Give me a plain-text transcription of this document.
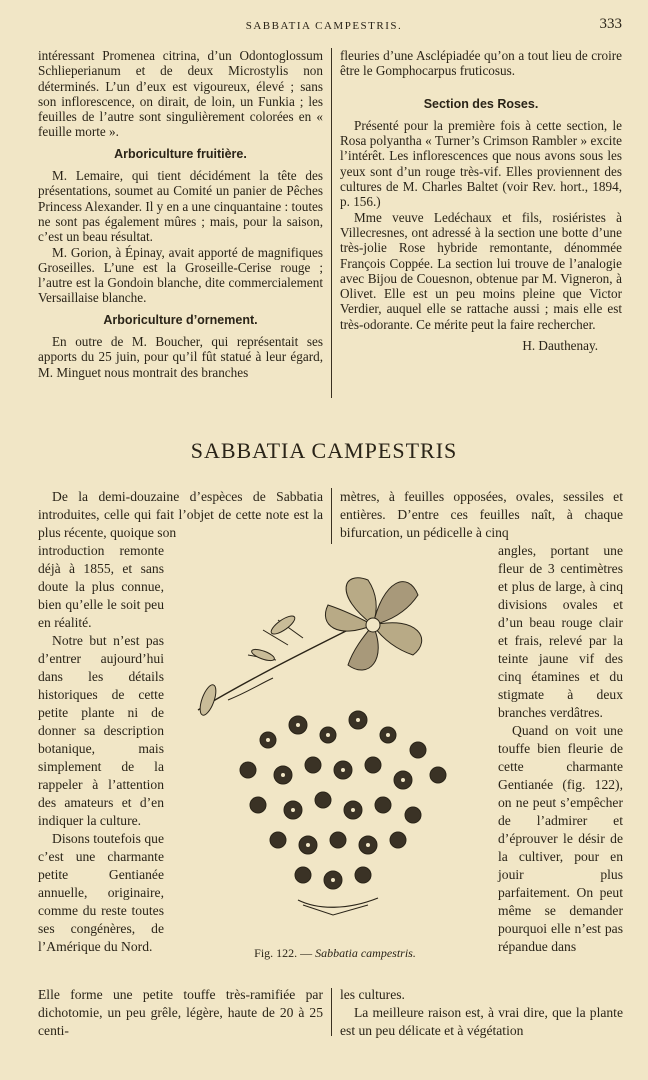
SABBATIA CAMPESTRIS.	333

intéressant Promenea citrina, d’un Odontoglossum Schlieperianum et de deux Microstylis non déterminés. L’un d’eux est vigoureux, élevé ; sans son inflorescence, on dirait, de loin, un Funkia ; les feuilles de l’autre sont singulièrement colorées en « feuille morte ».

Arboriculture fruitière.

M. Lemaire, qui tient décidément la tête des présentations, soumet au Comité un panier de Pêches Princess Alexander. Il y en a une cinquantaine : toutes ne sont pas également mûres ; mais, pour la saison, c’est un beau résultat.

M. Gorion, à Épinay, avait apporté de magnifiques Groseilles. L’une est la Groseille-Cerise rouge ; l’autre est la Gondoin blanche, dite commercialement Versaillaise blanche.

Arboriculture d’ornement.

En outre de M. Boucher, qui représentait ses apports du 25 juin, pour qu’il fût statué à leur égard, M. Minguet nous montrait des branches

fleuries d’une Asclépiadée qu’on a tout lieu de croire être le Gomphocarpus fruticosus.

Section des Roses.

Présenté pour la première fois à cette section, le Rosa polyantha « Turner’s Crimson Rambler » excite l’intérêt. Les inflorescences que nous avons sous les yeux sont d’un rouge très-vif. Elles proviennent des cultures de M. Charles Baltet (voir Rev. hort., 1894, p. 156.)

Mme veuve Ledéchaux et fils, rosiéristes à Villecresnes, ont adressé à la section une botte d’une très-jolie Rose hybride remontante, dénommée François Coppée. La section lui trouve de l’analogie avec Bijou de Couesnon, obtenue par M. Vigneron, à Olivet. Elle est un peu moins pleine que Victor Verdier, auquel elle se rattache aussi ; mais elle est très-odorante. Ce mérite peut la faire rechercher.

H. Dauthenay.

SABBATIA CAMPESTRIS

De la demi-douzaine d’espèces de Sabbatia introduites, celle qui fait l’objet de cette note est la plus récente, quoique son

introduction remonte déjà à 1855, et sans doute la plus connue, bien qu’elle le soit peu en réalité.

Notre but n’est pas d’entrer aujourd’hui dans les détails historiques de cette petite plante ni de donner sa description botanique, mais simplement de la rappeler à l’attention des amateurs et d’en indiquer la culture.

Disons toutefois que c’est une charmante petite Gentianée annuelle, originaire, comme du reste toutes ses congénères, de l’Amérique du Nord.

Elle forme une petite touffe très-ramifiée par dichotomie, un peu grêle, légère, haute de 20 à 25 centi-

mètres, à feuilles opposées, ovales, sessiles et entières. D’entre ces feuilles naît, à chaque bifurcation, un pédicelle à cinq

angles, portant une fleur de 3 centimètres et plus de large, à cinq divisions ovales et d’un beau rouge clair et frais, relevé par la teinte jaune vif des cinq étamines et du stigmate à deux branches verdâtres.

Quand on voit une touffe bien fleurie de cette charmante Gentianée (fig. 122), on ne peut s’empêcher de l’admirer et d’éprouver le désir de la cultiver, pour en jouir plus parfaitement. On peut même se demander pourquoi elle n’est pas répandue dans

les cultures.

La meilleure raison est, à vrai dire, que la plante est un peu délicate et à végétation

Fig. 122. — Sabbatia campestris.
